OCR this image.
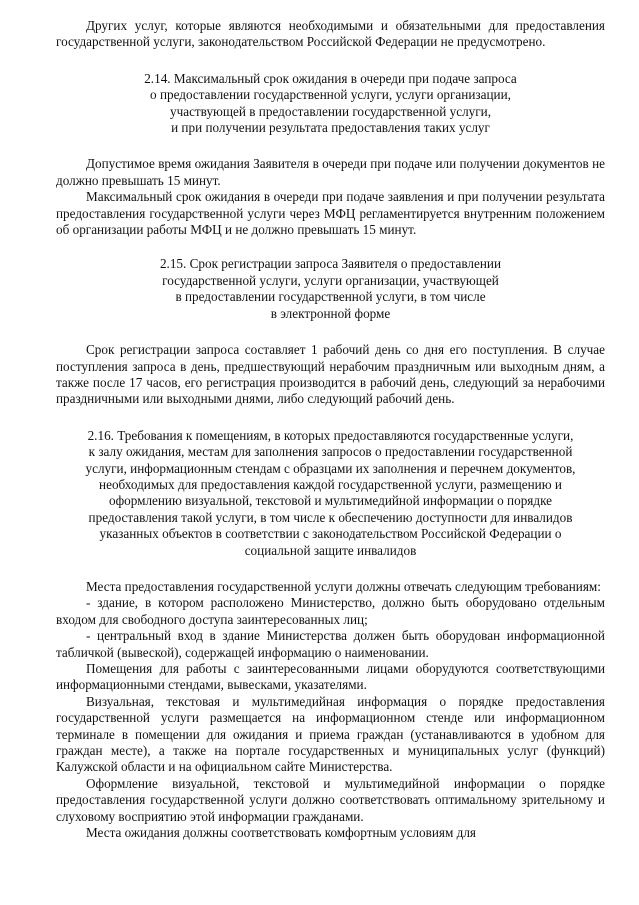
Других услуг, которые являются необходимыми и обязательными для предоставления государственной услуги, законодательством Российской Федерации не предусмотрено.

2.14. Максимальный срок ожидания в очереди при подаче запроса
о предоставлении государственной услуги, услуги организации,
участвующей в предоставлении государственной услуги,
и при получении результата предоставления таких услуг

Допустимое время ожидания Заявителя в очереди при подаче или получении документов не должно превышать 15 минут.

Максимальный срок ожидания в очереди при подаче заявления и при получении результата предоставления государственной услуги через МФЦ регламентируется внутренним положением об организации работы МФЦ и не должно превышать 15 минут.

2.15. Срок регистрации запроса Заявителя о предоставлении
государственной услуги, услуги организации, участвующей
в предоставлении государственной услуги, в том числе
в электронной форме

Срок регистрации запроса составляет 1 рабочий день со дня его поступления. В случае поступления запроса в день, предшествующий нерабочим праздничным или выходным дням, а также после 17 часов, его регистрация производится в рабочий день, следующий за нерабочими праздничными или выходными днями, либо следующий рабочий день.

2.16. Требования к помещениям, в которых предоставляются государственные услуги,
к залу ожидания, местам для заполнения запросов о предоставлении государственной
услуги, информационным стендам с образцами их заполнения и перечнем документов,
необходимых для предоставления каждой государственной услуги, размещению и
оформлению визуальной, текстовой и мультимедийной информации о порядке
предоставления такой услуги, в том числе к обеспечению доступности для инвалидов
указанных объектов в соответствии с законодательством Российской Федерации о
социальной защите инвалидов

Места предоставления государственной услуги должны отвечать следующим требованиям:

- здание, в котором расположено Министерство, должно быть оборудовано отдельным входом для свободного доступа заинтересованных лиц;

- центральный вход в здание Министерства должен быть оборудован информационной табличкой (вывеской), содержащей информацию о наименовании.

Помещения для работы с заинтересованными лицами оборудуются соответствующими информационными стендами, вывесками, указателями.

Визуальная, текстовая и мультимедийная информация о порядке предоставления государственной услуги размещается на информационном стенде или информационном терминале в помещении для ожидания и приема граждан (устанавливаются в удобном для граждан месте), а также на портале государственных и муниципальных услуг (функций) Калужской области и на официальном сайте Министерства.

Оформление визуальной, текстовой и мультимедийной информации о порядке предоставления государственной услуги должно соответствовать оптимальному зрительному и слуховому восприятию этой информации гражданами.

Места ожидания должны соответствовать комфортным условиям для
